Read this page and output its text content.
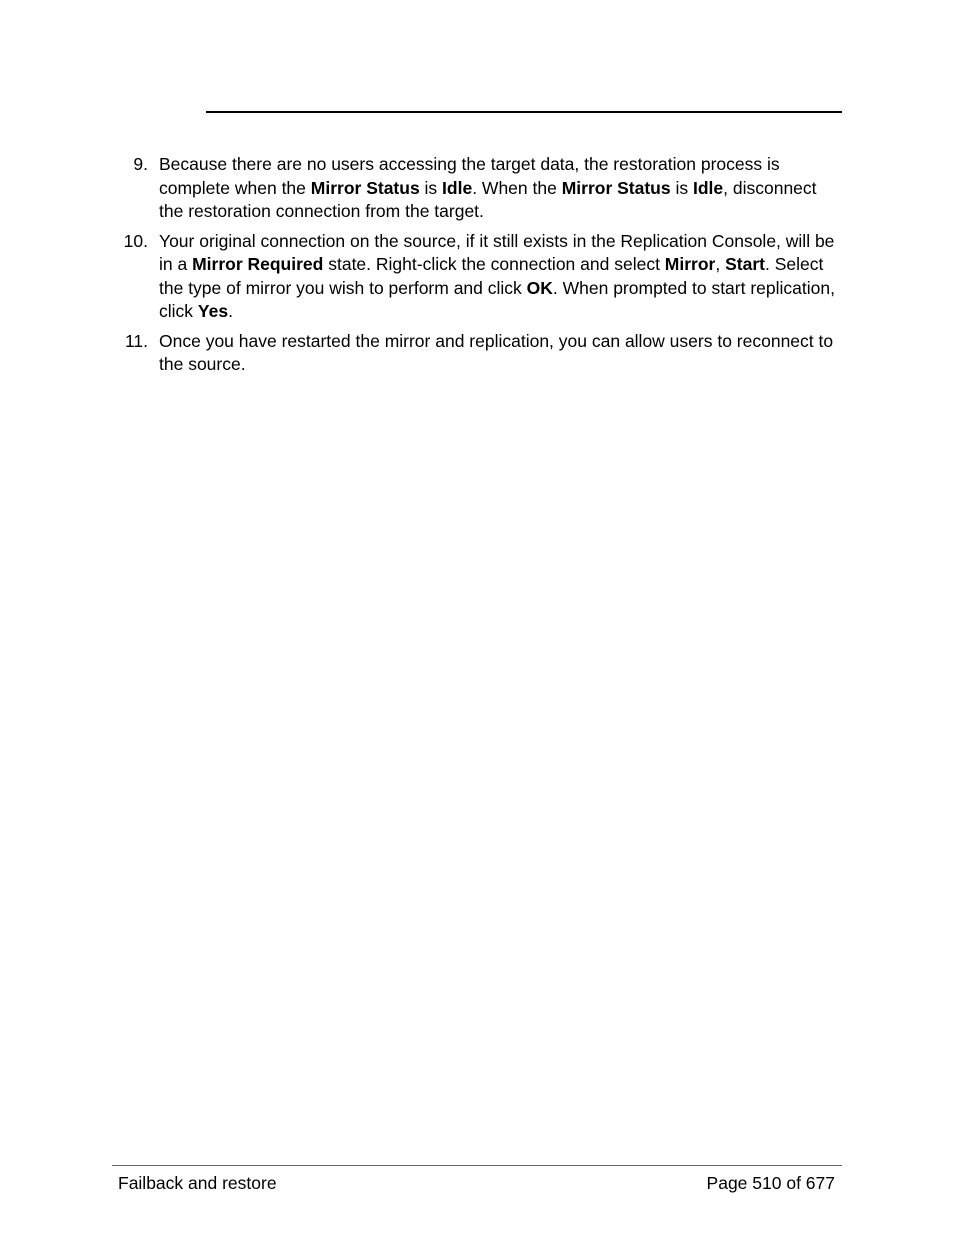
9. Because there are no users accessing the target data, the restoration process is complete when the Mirror Status is Idle. When the Mirror Status is Idle, disconnect the restoration connection from the target.
10. Your original connection on the source, if it still exists in the Replication Console, will be in a Mirror Required state. Right-click the connection and select Mirror, Start. Select the type of mirror you wish to perform and click OK. When prompted to start replication, click Yes.
11. Once you have restarted the mirror and replication, you can allow users to reconnect to the source.
Failback and restore	Page 510 of 677
